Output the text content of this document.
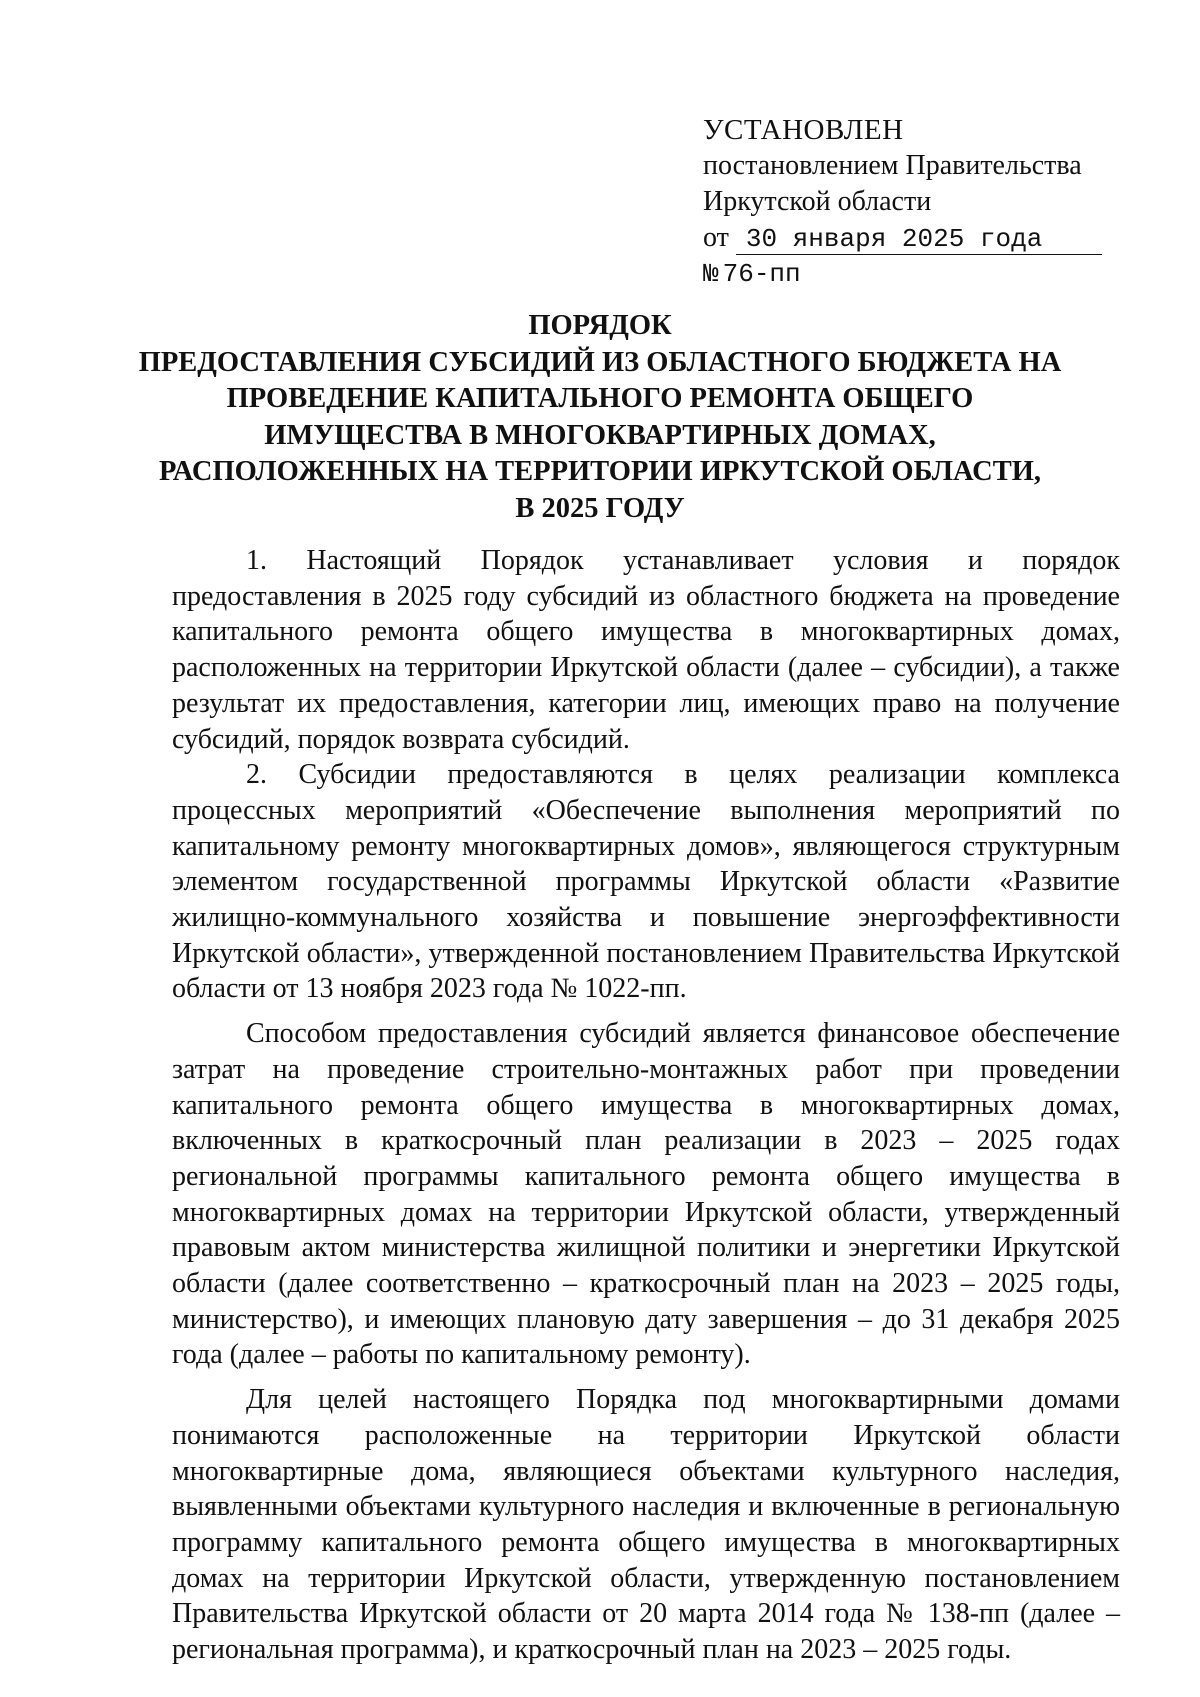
УСТАНОВЛЕН
постановлением Правительства
Иркутской области
от 30 января 2025 года
№ 76-пп
ПОРЯДОК
ПРЕДОСТАВЛЕНИЯ СУБСИДИЙ ИЗ ОБЛАСТНОГО БЮДЖЕТА НА
ПРОВЕДЕНИЕ КАПИТАЛЬНОГО РЕМОНТА ОБЩЕГО
ИМУЩЕСТВА В МНОГОКВАРТИРНЫХ ДОМАХ,
РАСПОЛОЖЕННЫХ НА ТЕРРИТОРИИ ИРКУТСКОЙ ОБЛАСТИ,
В 2025 ГОДУ

1. Настоящий Порядок устанавливает условия и порядок предоставления в 2025 году субсидий из областного бюджета на проведение капитального ремонта общего имущества в многоквартирных домах, расположенных на территории Иркутской области (далее – субсидии), а также результат их предоставления, категории лиц, имеющих право на получение субсидий, порядок возврата субсидий.

2. Субсидии предоставляются в целях реализации комплекса процессных мероприятий «Обеспечение выполнения мероприятий по капитальному ремонту многоквартирных домов», являющегося структурным элементом государственной программы Иркутской области «Развитие жилищно-коммунального хозяйства и повышение энергоэффективности Иркутской области», утвержденной постановлением Правительства Иркутской области от 13 ноября 2023 года № 1022-пп.

Способом предоставления субсидий является финансовое обеспечение затрат на проведение строительно-монтажных работ при проведении капитального ремонта общего имущества в многоквартирных домах, включенных в краткосрочный план реализации в 2023 – 2025 годах региональной программы капитального ремонта общего имущества в многоквартирных домах на территории Иркутской области, утвержденный правовым актом министерства жилищной политики и энергетики Иркутской области (далее соответственно – краткосрочный план на 2023 – 2025 годы, министерство), и имеющих плановую дату завершения – до 31 декабря 2025 года (далее – работы по капитальному ремонту).

Для целей настоящего Порядка под многоквартирными домами понимаются расположенные на территории Иркутской области многоквартирные дома, являющиеся объектами культурного наследия, выявленными объектами культурного наследия и включенные в региональную программу капитального ремонта общего имущества в многоквартирных домах на территории Иркутской области, утвержденную постановлением Правительства Иркутской области от 20 марта 2014 года № 138-пп (далее – региональная программа), и краткосрочный план на 2023 – 2025 годы.
